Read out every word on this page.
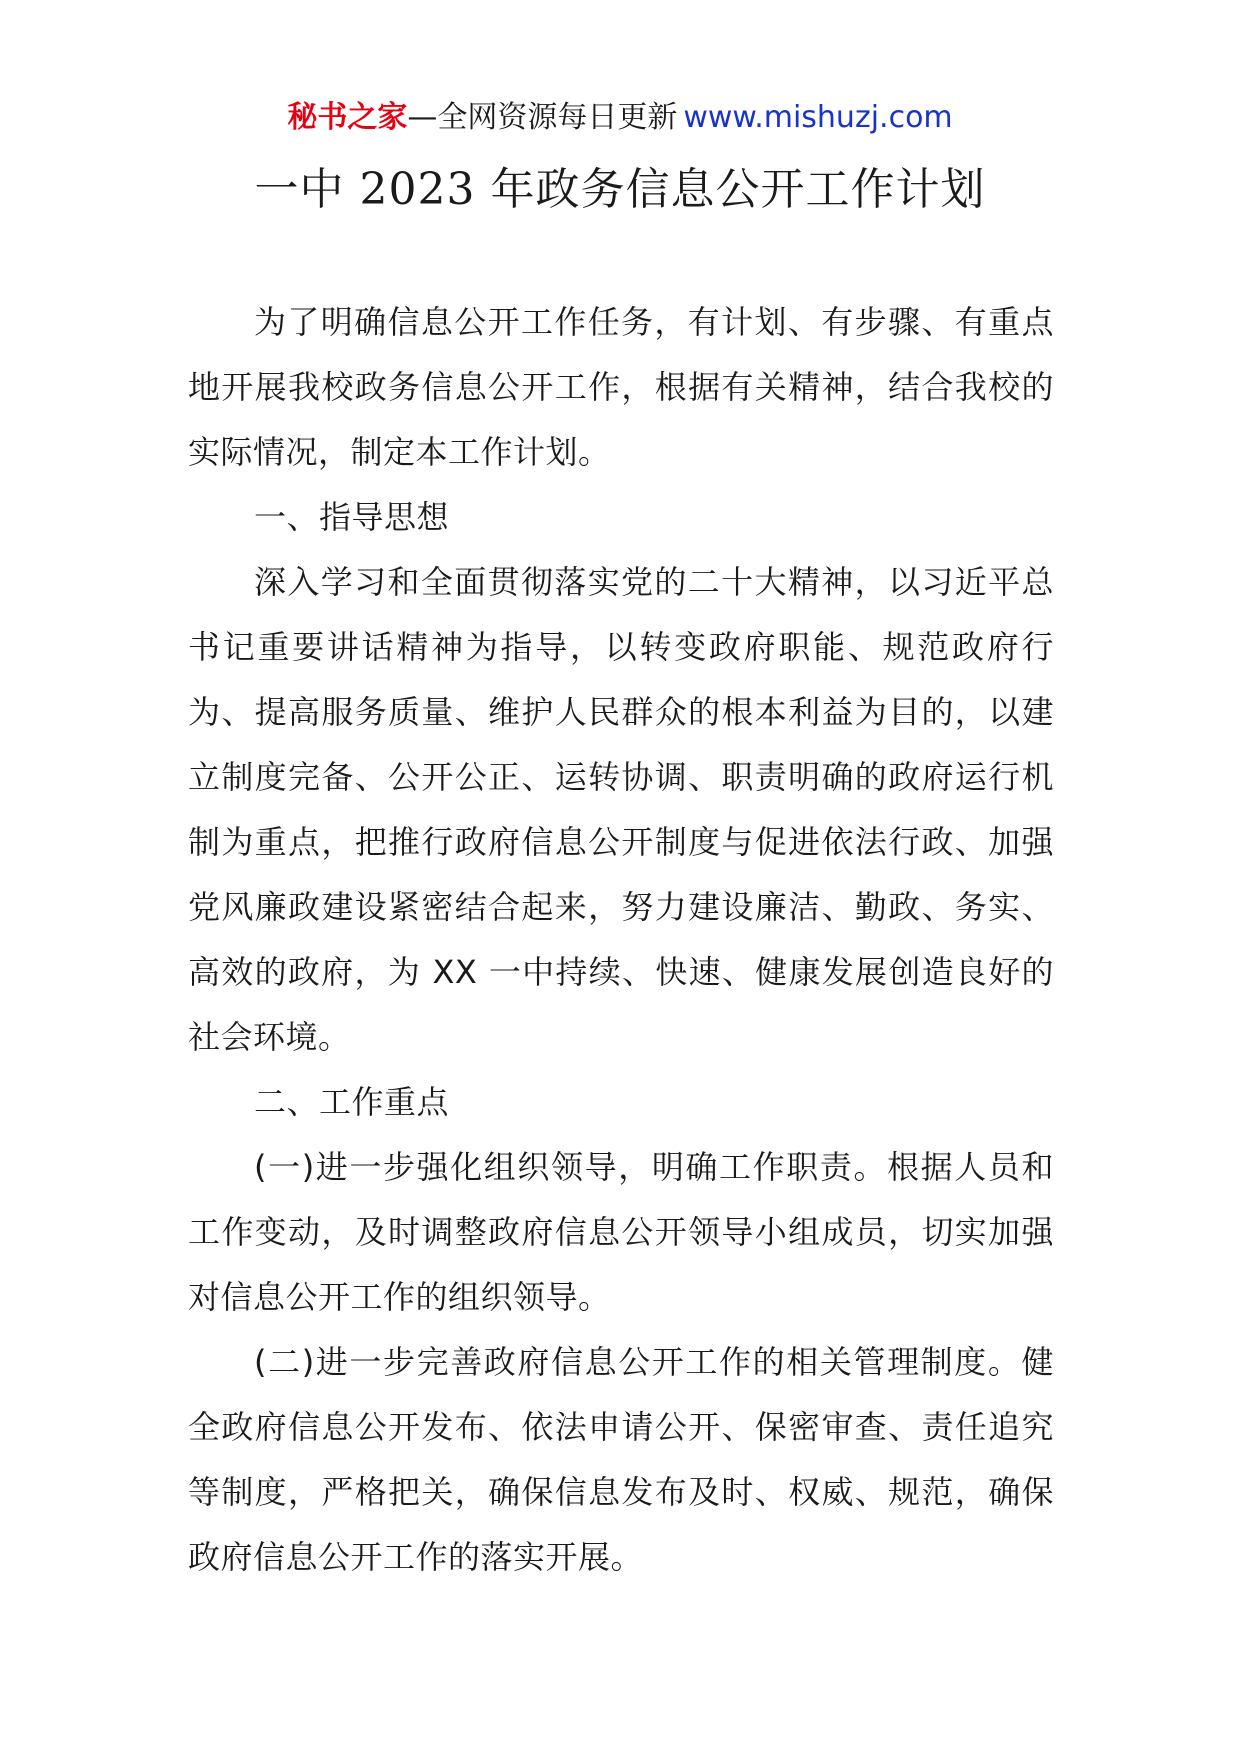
秘书之家—全网资源每日更新 www.mishuzj.com
一中 2023 年政务信息公开工作计划

为了明确信息公开工作任务，有计划、有步骤、有重点地开展我校政务信息公开工作，根据有关精神，结合我校的实际情况，制定本工作计划。

一、指导思想

深入学习和全面贯彻落实党的二十大精神，以习近平总书记重要讲话精神为指导，以转变政府职能、规范政府行为、提高服务质量、维护人民群众的根本利益为目的，以建立制度完备、公开公正、运转协调、职责明确的政府运行机制为重点，把推行政府信息公开制度与促进依法行政、加强党风廉政建设紧密结合起来，努力建设廉洁、勤政、务实、高效的政府，为 XX 一中持续、快速、健康发展创造良好的社会环境。

二、工作重点

(一)进一步强化组织领导，明确工作职责。根据人员和工作变动，及时调整政府信息公开领导小组成员，切实加强对信息公开工作的组织领导。

(二)进一步完善政府信息公开工作的相关管理制度。健全政府信息公开发布、依法申请公开、保密审查、责任追究等制度，严格把关，确保信息发布及时、权威、规范，确保政府信息公开工作的落实开展。
